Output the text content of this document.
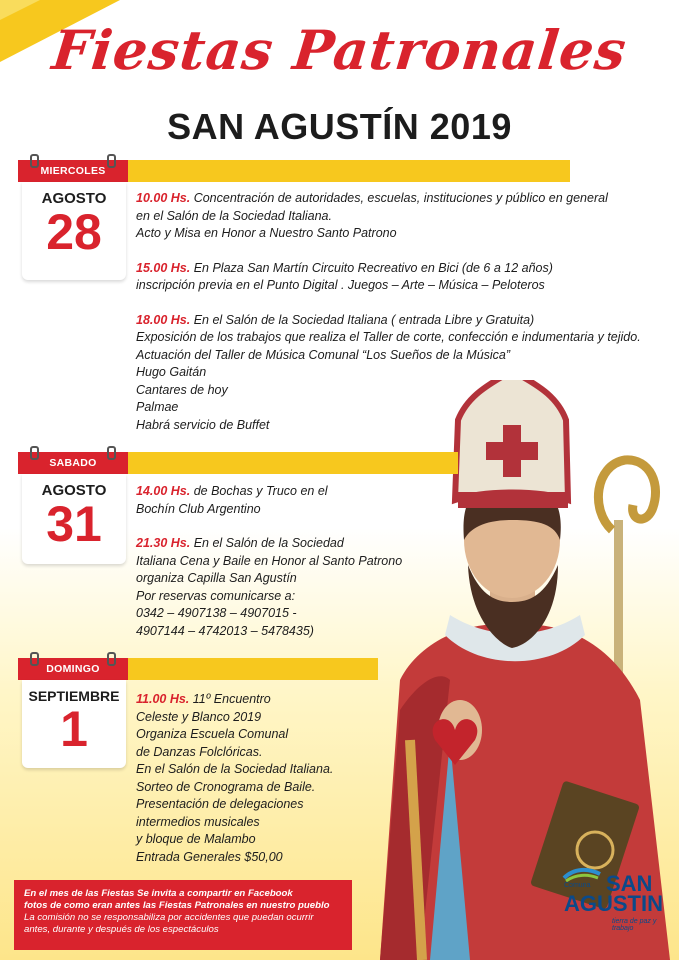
Fiestas Patronales
SAN AGUSTÍN 2019
MIERCOLES
AGOSTO
28

10.00 Hs. Concentración de autoridades, escuelas, instituciones y público en general
en el Salón de la Sociedad Italiana.
Acto y Misa en Honor a Nuestro Santo Patrono

15.00 Hs. En Plaza San Martín Circuito Recreativo en Bici (de 6 a 12 años)
inscripción previa en el Punto Digital . Juegos – Arte – Música – Peloteros

18.00 Hs. En el Salón de la Sociedad Italiana ( entrada Libre y Gratuita)
Exposición de los trabajos que realiza el Taller de corte, confección e indumentaria y tejido.
Actuación del Taller de Música Comunal “Los Sueños de la Música”
Hugo Gaitán
Cantares de hoy
Palmae
Habrá servicio de Buffet

SABADO
AGOSTO
31

14.00 Hs. de Bochas y Truco en el
Bochín Club Argentino

21.30 Hs. En el Salón de la Sociedad
Italiana Cena y Baile en Honor al Santo Patrono
organiza Capilla San Agustín
Por reservas comunicarse a:
0342 – 4907138 – 4907015 -
4907144 – 4742013 – 5478435)

DOMINGO
SEPTIEMBRE
1

11.00 Hs. 11º Encuentro
Celeste y Blanco 2019
Organiza Escuela Comunal
de Danzas Folclóricas.
En el Salón de la Sociedad Italiana.
Sorteo de Cronograma de Baile.
Presentación de delegaciones
intermedios musicales
y bloque de Malambo
Entrada Generales $50,00

En el mes de las Fiestas Se invita a compartir en Facebook
fotos de como eran antes las Fiestas Patronales en nuestro pueblo
La comisión no se responsabiliza por accidentes que puedan ocurrir
antes, durante y después de los espectáculos
Comuna SAN
AGUSTIN
tierra de paz y trabajo
